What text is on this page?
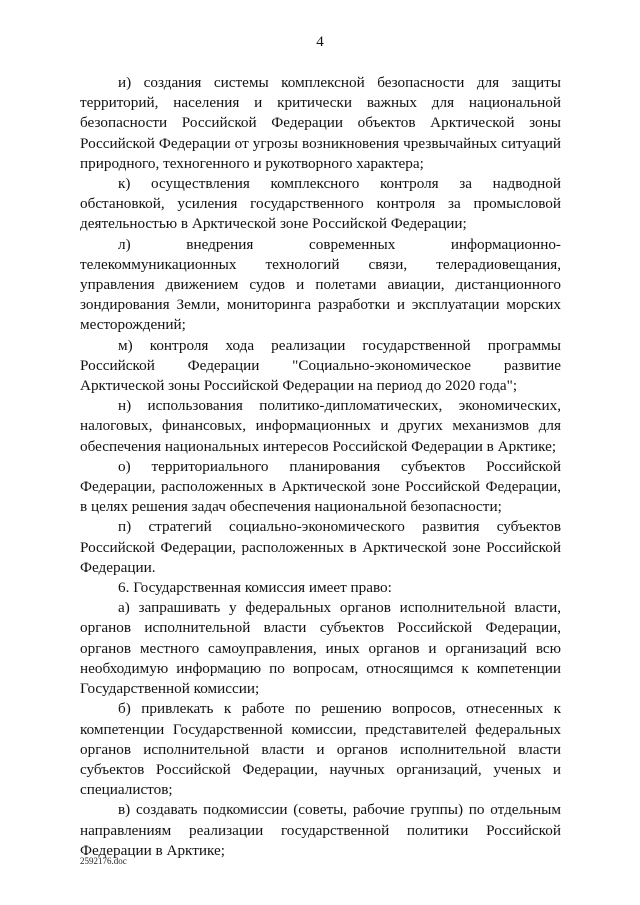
4

и) создания системы комплексной безопасности для защиты территорий, населения и критически важных для национальной безопасности Российской Федерации объектов Арктической зоны Российской Федерации от угрозы возникновения чрезвычайных ситуаций природного, техногенного и рукотворного характера;

к) осуществления комплексного контроля за надводной обстановкой, усиления государственного контроля за промысловой деятельностью в Арктической зоне Российской Федерации;

л) внедрения современных информационно-телекоммуникационных технологий связи, телерадиовещания, управления движением судов и полетами авиации, дистанционного зондирования Земли, мониторинга разработки и эксплуатации морских месторождений;

м) контроля хода реализации государственной программы Российской Федерации "Социально-экономическое развитие Арктической зоны Российской Федерации на период до 2020 года";

н) использования политико-дипломатических, экономических, налоговых, финансовых, информационных и других механизмов для обеспечения национальных интересов Российской Федерации в Арктике;

о) территориального планирования субъектов Российской Федерации, расположенных в Арктической зоне Российской Федерации, в целях решения задач обеспечения национальной безопасности;

п) стратегий социально-экономического развития субъектов Российской Федерации, расположенных в Арктической зоне Российской Федерации.

6. Государственная комиссия имеет право:

а) запрашивать у федеральных органов исполнительной власти, органов исполнительной власти субъектов Российской Федерации, органов местного самоуправления, иных органов и организаций всю необходимую информацию по вопросам, относящимся к компетенции Государственной комиссии;

б) привлекать к работе по решению вопросов, отнесенных к компетенции Государственной комиссии, представителей федеральных органов исполнительной власти и органов исполнительной власти субъектов Российской Федерации, научных организаций, ученых и специалистов;

в) создавать подкомиссии (советы, рабочие группы) по отдельным направлениям реализации государственной политики Российской Федерации в Арктике;

2592176.doc
